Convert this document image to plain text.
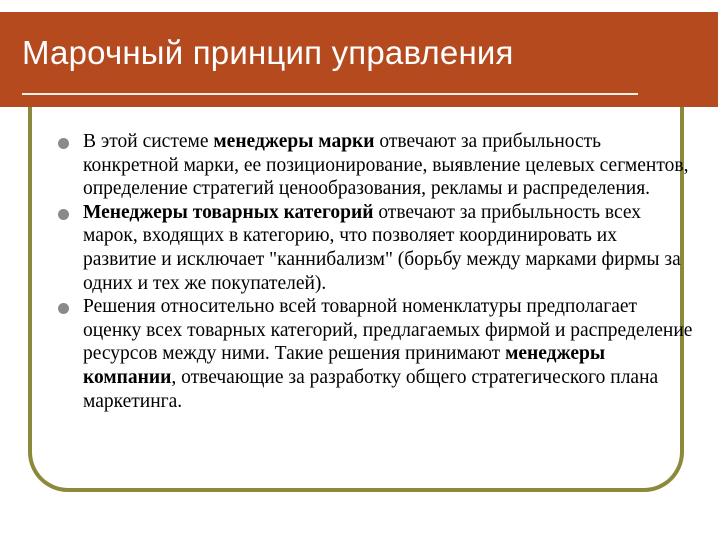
Марочный принцип управления
В этой системе менеджеры марки отвечают за прибыльность конкретной марки, ее позиционирование, выявление целевых сегментов, определение стратегий ценообразования, рекламы и распределения.
Менеджеры товарных категорий отвечают за прибыльность всех марок, входящих в категорию, что позволяет координировать их развитие и исключает "каннибализм" (борьбу между марками фирмы за одних и тех же покупателей).
Решения относительно всей товарной номенклатуры предполагает оценку всех товарных категорий, предлагаемых фирмой и распределение ресурсов между ними. Такие решения принимают менеджеры компании, отвечающие за разработку общего стратегического плана маркетинга.
